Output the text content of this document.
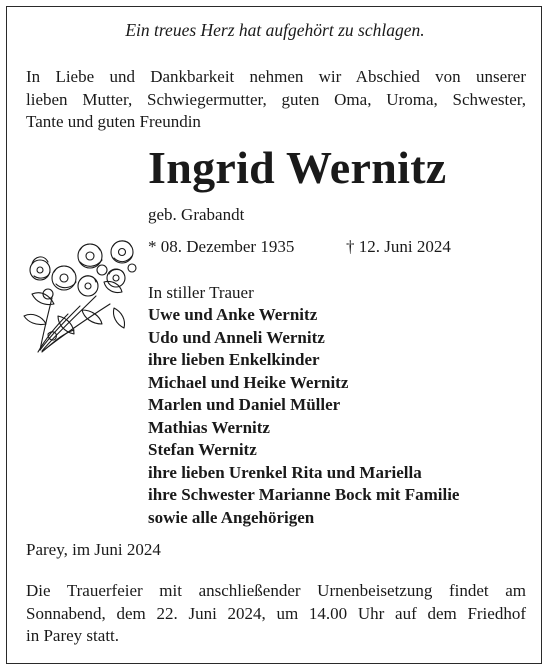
Ein treues Herz hat aufgehört zu schlagen.
In Liebe und Dankbarkeit nehmen wir Abschied von unserer
lieben Mutter, Schwiegermutter, guten Oma, Uroma, Schwester,
Tante und guten Freundin
Ingrid Wernitz
geb. Grabandt
* 08. Dezember 1935	† 12. Juni 2024
In stiller Trauer
Uwe und Anke Wernitz
Udo und Anneli Wernitz
ihre lieben Enkelkinder
Michael und Heike Wernitz
Marlen und Daniel Müller
Mathias Wernitz
Stefan Wernitz
ihre lieben Urenkel Rita und Mariella
ihre Schwester Marianne Bock mit Familie
sowie alle Angehörigen
Parey, im Juni 2024
Die Trauerfeier mit anschließender Urnenbeisetzung findet am
Sonnabend, dem 22. Juni 2024, um 14.00 Uhr auf dem Friedhof
in Parey statt.
